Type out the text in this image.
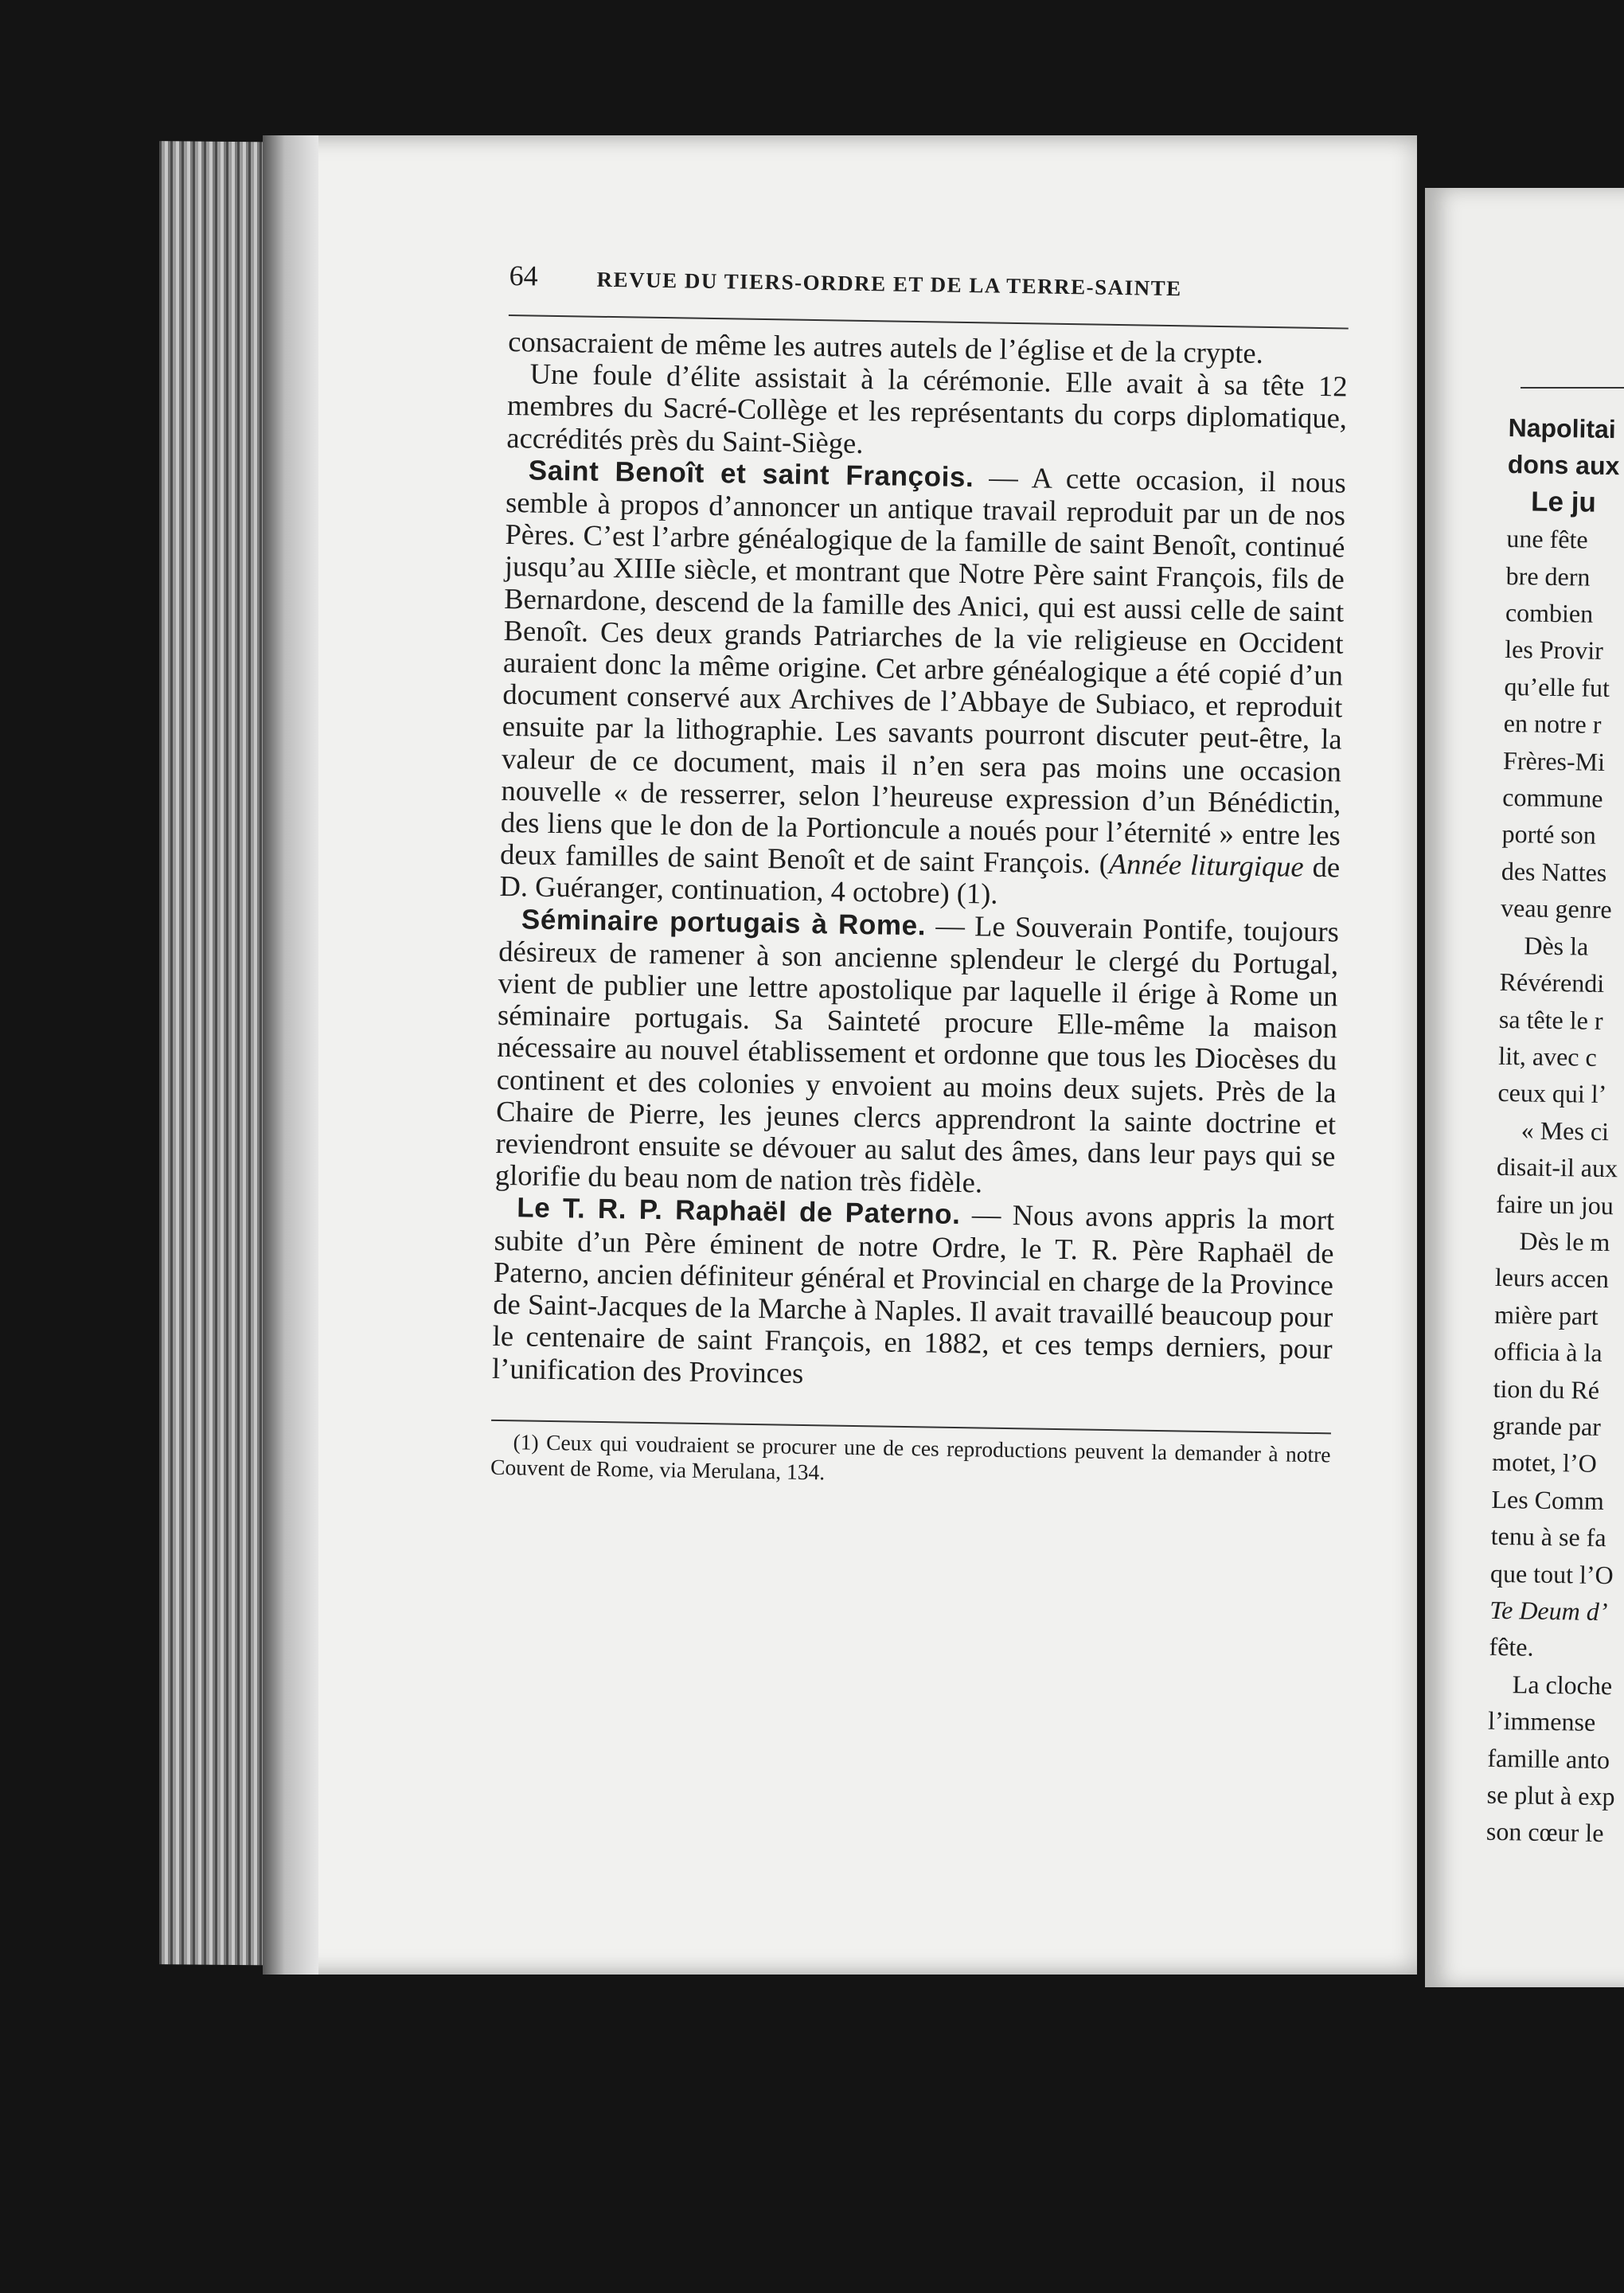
Napolitai
dons aux
Le ju
une fête
bre dern
combien
les Provir
qu’elle fut
en notre r
Frères-Mi
commune
porté son
des Nattes
veau genre
Dès la
Révérendi
sa tête le r
lit, avec c
ceux qui l’
« Mes ci
disait-il aux
faire un jou
Dès le m
leurs accen
mière part
officia à la
tion du Ré
grande par
motet, l’O
Les Comm
tenu à se fa
que tout l’O
Te Deum d’
fête.
La cloche
l’immense
famille anto
se plut à exp
son cœur le
64	REVUE DU TIERS-ORDRE ET DE LA TERRE-SAINTE

consacraient de même les autres autels de l’église et de la crypte.

Une foule d’élite assistait à la cérémonie. Elle avait à sa tête 12 membres du Sacré-Collège et les représentants du corps diplomatique, accrédités près du Saint-Siège.

Saint Benoît et saint François. — A cette occasion, il nous semble à propos d’annoncer un antique travail reproduit par un de nos Pères. C’est l’arbre généalogique de la famille de saint Benoît, continué jusqu’au XIIIe siècle, et montrant que Notre Père saint François, fils de Bernardone, descend de la famille des Anici, qui est aussi celle de saint Benoît. Ces deux grands Patriarches de la vie religieuse en Occident auraient donc la même origine. Cet arbre généalogique a été copié d’un document conservé aux Archives de l’Abbaye de Subiaco, et reproduit ensuite par la lithographie. Les savants pourront discuter peut-être, la valeur de ce document, mais il n’en sera pas moins une occasion nouvelle « de resserrer, selon l’heureuse expression d’un Bénédictin, des liens que le don de la Portioncule a noués pour l’éternité » entre les deux familles de saint Benoît et de saint François. (Année liturgique de D. Guéranger, continuation, 4 octobre) (1).

Séminaire portugais à Rome. — Le Souverain Pontife, toujours désireux de ramener à son ancienne splendeur le clergé du Portugal, vient de publier une lettre apostolique par laquelle il érige à Rome un séminaire portugais. Sa Sainteté procure Elle-même la maison nécessaire au nouvel établissement et ordonne que tous les Diocèses du continent et des colonies y envoient au moins deux sujets. Près de la Chaire de Pierre, les jeunes clercs apprendront la sainte doctrine et reviendront ensuite se dévouer au salut des âmes, dans leur pays qui se glorifie du beau nom de nation très fidèle.

Le T. R. P. Raphaël de Paterno. — Nous avons appris la mort subite d’un Père éminent de notre Ordre, le T. R. Père Raphaël de Paterno, ancien définiteur général et Provincial en charge de la Province de Saint-Jacques de la Marche à Naples. Il avait travaillé beaucoup pour le centenaire de saint François, en 1882, et ces temps derniers, pour l’unification des Provinces

(1) Ceux qui voudraient se procurer une de ces reproductions peuvent la demander à notre Couvent de Rome, via Merulana, 134.
